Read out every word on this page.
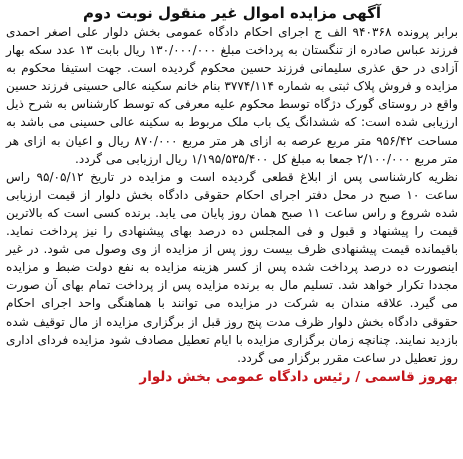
آگهی مزایده اموال غیر منقول نوبت دوم

برابر پرونده ۹۴۰۳۶۸ الف ج اجرای احکام دادگاه عمومی بخش دلوار علی اصغر احمدی فرزند عباس صادره از تنگستان به پرداخت مبلغ ۱۳۰/۰۰۰/۰۰۰ ریال بابت ۱۳ عدد سکه بهار آزادی در حق عذری سلیمانی فرزند حسین محکوم گردیده است. جهت استیفا محکوم به مزایده و فروش پلاک ثبتی به شماره ۳۷۷۴/۱۱۴ بنام خانم سکینه عالی حسینی فرزند حسین واقع در روستای گورک دژگاه توسط محکوم علیه معرفی که توسط کارشناس به شرح ذیل ارزیابی شده است: که ششدانگ یک باب ملک مربوط به سکینه عالی حسینی می باشد به مساحت ۹۵۶/۴۲ متر مربع عرصه به ازای هر متر مربع ۸۷۰/۰۰۰ ریال و اعیان به ازای هر متر مربع ۲/۱۰۰/۰۰۰ جمعا به مبلغ کل ۱/۱۹۵/۵۳۵/۴۰۰ ریال ارزیابی می گردد.

نظریه کارشناسی پس از ابلاغ قطعی گردیده است و مزایده در تاریخ ۹۵/۰۵/۱۲ راس ساعت ۱۰ صبح در محل دفتر اجرای احکام حقوقی دادگاه بخش دلوار از قیمت ارزیابی شده شروع و راس ساعت ۱۱ صبح همان روز پایان می یابد. برنده کسی است که بالاترین قیمت را پیشنهاد و قبول و فی المجلس ده درصد بهای پیشنهادی را نیز پرداخت نماید. باقیمانده قیمت پیشنهادی ظرف بیست روز پس از مزایده از وی وصول می شود. در غیر اینصورت ده درصد پرداخت شده پس از کسر هزینه مزایده به نفع دولت ضبط و مزایده مجددا تکرار خواهد شد. تسلیم مال به برنده مزایده پس از پرداخت تمام بهای آن صورت می گیرد. علاقه مندان به شرکت در مزایده می توانند با هماهنگی واحد اجرای احکام حقوقی دادگاه بخش دلوار ظرف مدت پنج روز قبل از برگزاری مزایده از مال توقیف شده بازدید نمایند. چنانچه زمان برگزاری مزایده با ایام تعطیل مصادف شود مزایده فردای اداری روز تعطیل در ساعت مقرر برگزار می گردد.

بهروز قاسمی / رئیس دادگاه عمومی بخش دلوار
